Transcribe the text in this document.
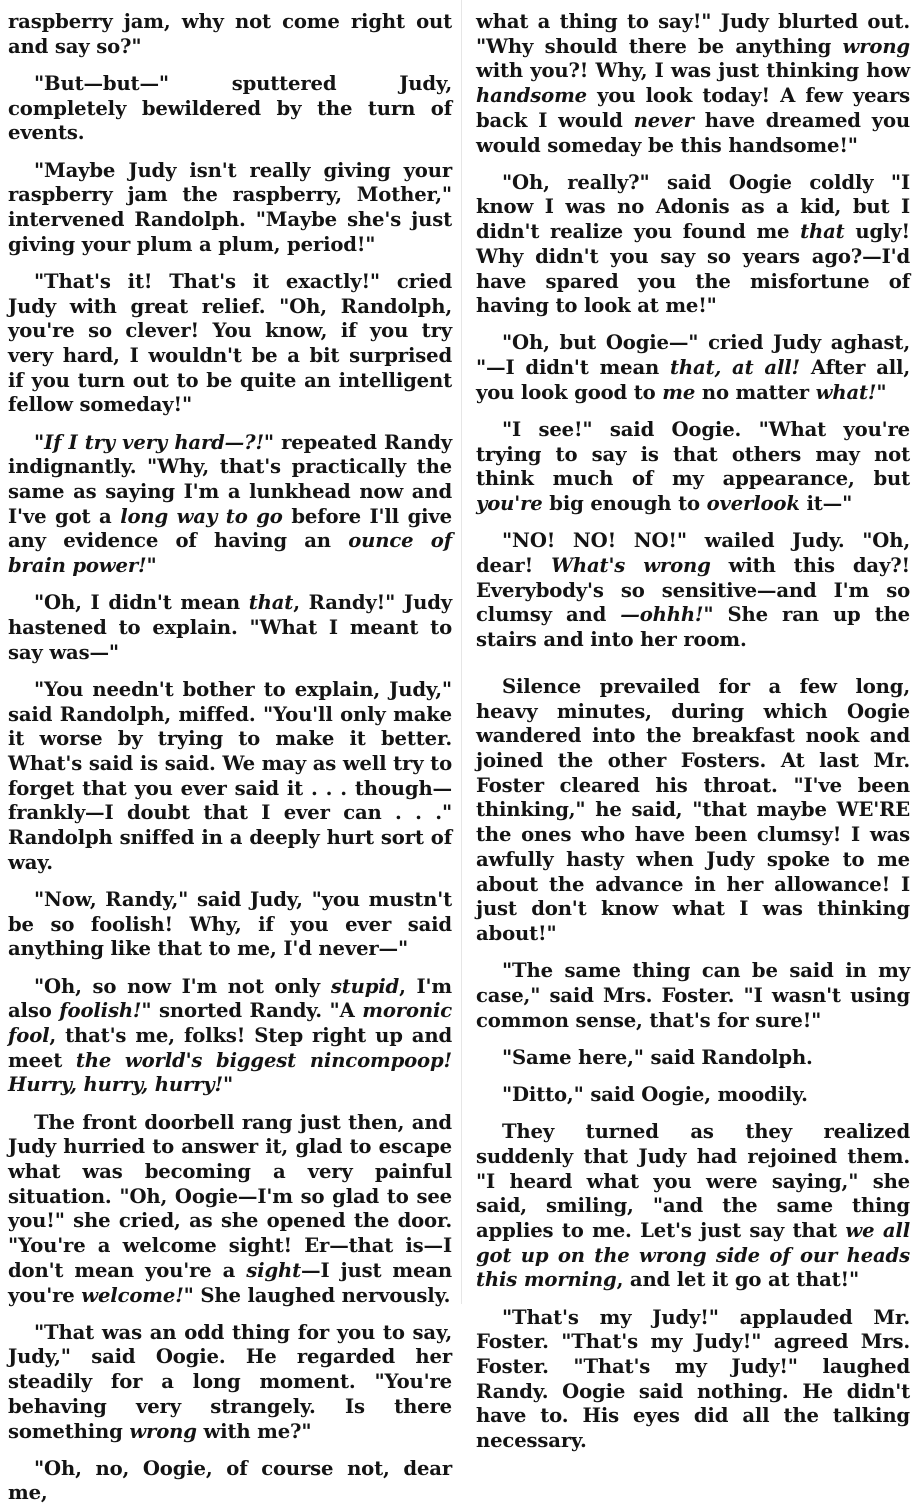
raspberry jam, why not come right out and say so?"

"But—but—" sputtered Judy, completely bewildered by the turn of events.

"Maybe Judy isn't really giving your raspberry jam the raspberry, Mother," intervened Randolph. "Maybe she's just giving your plum a plum, period!"

"That's it! That's it exactly!" cried Judy with great relief. "Oh, Randolph, you're so clever! You know, if you try very hard, I wouldn't be a bit surprised if you turn out to be quite an intelligent fellow someday!"

"If I try very hard—?!" repeated Randy indignantly. "Why, that's practically the same as saying I'm a lunkhead now and I've got a long way to go before I'll give any evidence of having an ounce of brain power!"

"Oh, I didn't mean that, Randy!" Judy hastened to explain. "What I meant to say was—"

"You needn't bother to explain, Judy," said Randolph, miffed. "You'll only make it worse by trying to make it better. What's said is said. We may as well try to forget that you ever said it . . . though—frankly—I doubt that I ever can . . ." Randolph sniffed in a deeply hurt sort of way.

"Now, Randy," said Judy, "you mustn't be so foolish! Why, if you ever said anything like that to me, I'd never—"

"Oh, so now I'm not only stupid, I'm also foolish!" snorted Randy. "A moronic fool, that's me, folks! Step right up and meet the world's biggest nincompoop! Hurry, hurry, hurry!"

The front doorbell rang just then, and Judy hurried to answer it, glad to escape what was becoming a very painful situation. "Oh, Oogie—I'm so glad to see you!" she cried, as she opened the door. "You're a welcome sight! Er—that is—I don't mean you're a sight—I just mean you're welcome!" She laughed nervously.

"That was an odd thing for you to say, Judy," said Oogie. He regarded her steadily for a long moment. "You're behaving very strangely. Is there something wrong with me?"

"Oh, no, Oogie, of course not, dear me,

what a thing to say!" Judy blurted out. "Why should there be anything wrong with you?! Why, I was just thinking how handsome you look today! A few years back I would never have dreamed you would someday be this handsome!"

"Oh, really?" said Oogie coldly "I know I was no Adonis as a kid, but I didn't realize you found me that ugly! Why didn't you say so years ago?—I'd have spared you the misfortune of having to look at me!"

"Oh, but Oogie—" cried Judy aghast, "—I didn't mean that, at all! After all, you look good to me no matter what!"

"I see!" said Oogie. "What you're trying to say is that others may not think much of my appearance, but you're big enough to overlook it—"

"NO! NO! NO!" wailed Judy. "Oh, dear! What's wrong with this day?! Everybody's so sensitive—and I'm so clumsy and —ohhh!" She ran up the stairs and into her room.

Silence prevailed for a few long, heavy minutes, during which Oogie wandered into the breakfast nook and joined the other Fosters. At last Mr. Foster cleared his throat. "I've been thinking," he said, "that maybe WE'RE the ones who have been clumsy! I was awfully hasty when Judy spoke to me about the advance in her allowance! I just don't know what I was thinking about!"

"The same thing can be said in my case," said Mrs. Foster. "I wasn't using common sense, that's for sure!"

"Same here," said Randolph.

"Ditto," said Oogie, moodily.

They turned as they realized suddenly that Judy had rejoined them. "I heard what you were saying," she said, smiling, "and the same thing applies to me. Let's just say that we all got up on the wrong side of our heads this morning, and let it go at that!"

"That's my Judy!" applauded Mr. Foster. "That's my Judy!" agreed Mrs. Foster. "That's my Judy!" laughed Randy. Oogie said nothing. He didn't have to. His eyes did all the talking necessary.
